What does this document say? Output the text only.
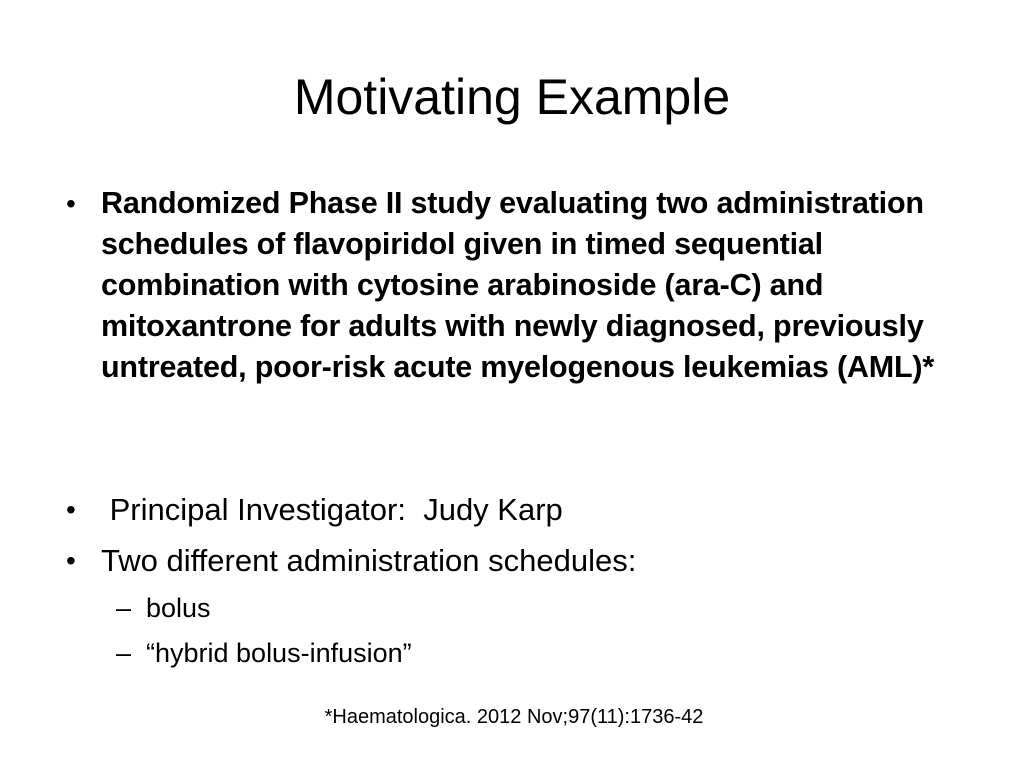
Motivating Example
• Randomized Phase II study evaluating two administration schedules of flavopiridol given in timed sequential combination with cytosine arabinoside (ara-C) and mitoxantrone for adults with newly diagnosed, previously untreated, poor-risk acute myelogenous leukemias (AML)*
• Principal Investigator:  Judy Karp
• Two different administration schedules:
– bolus
– “hybrid bolus-infusion”
*Haematologica. 2012 Nov;97(11):1736-42
